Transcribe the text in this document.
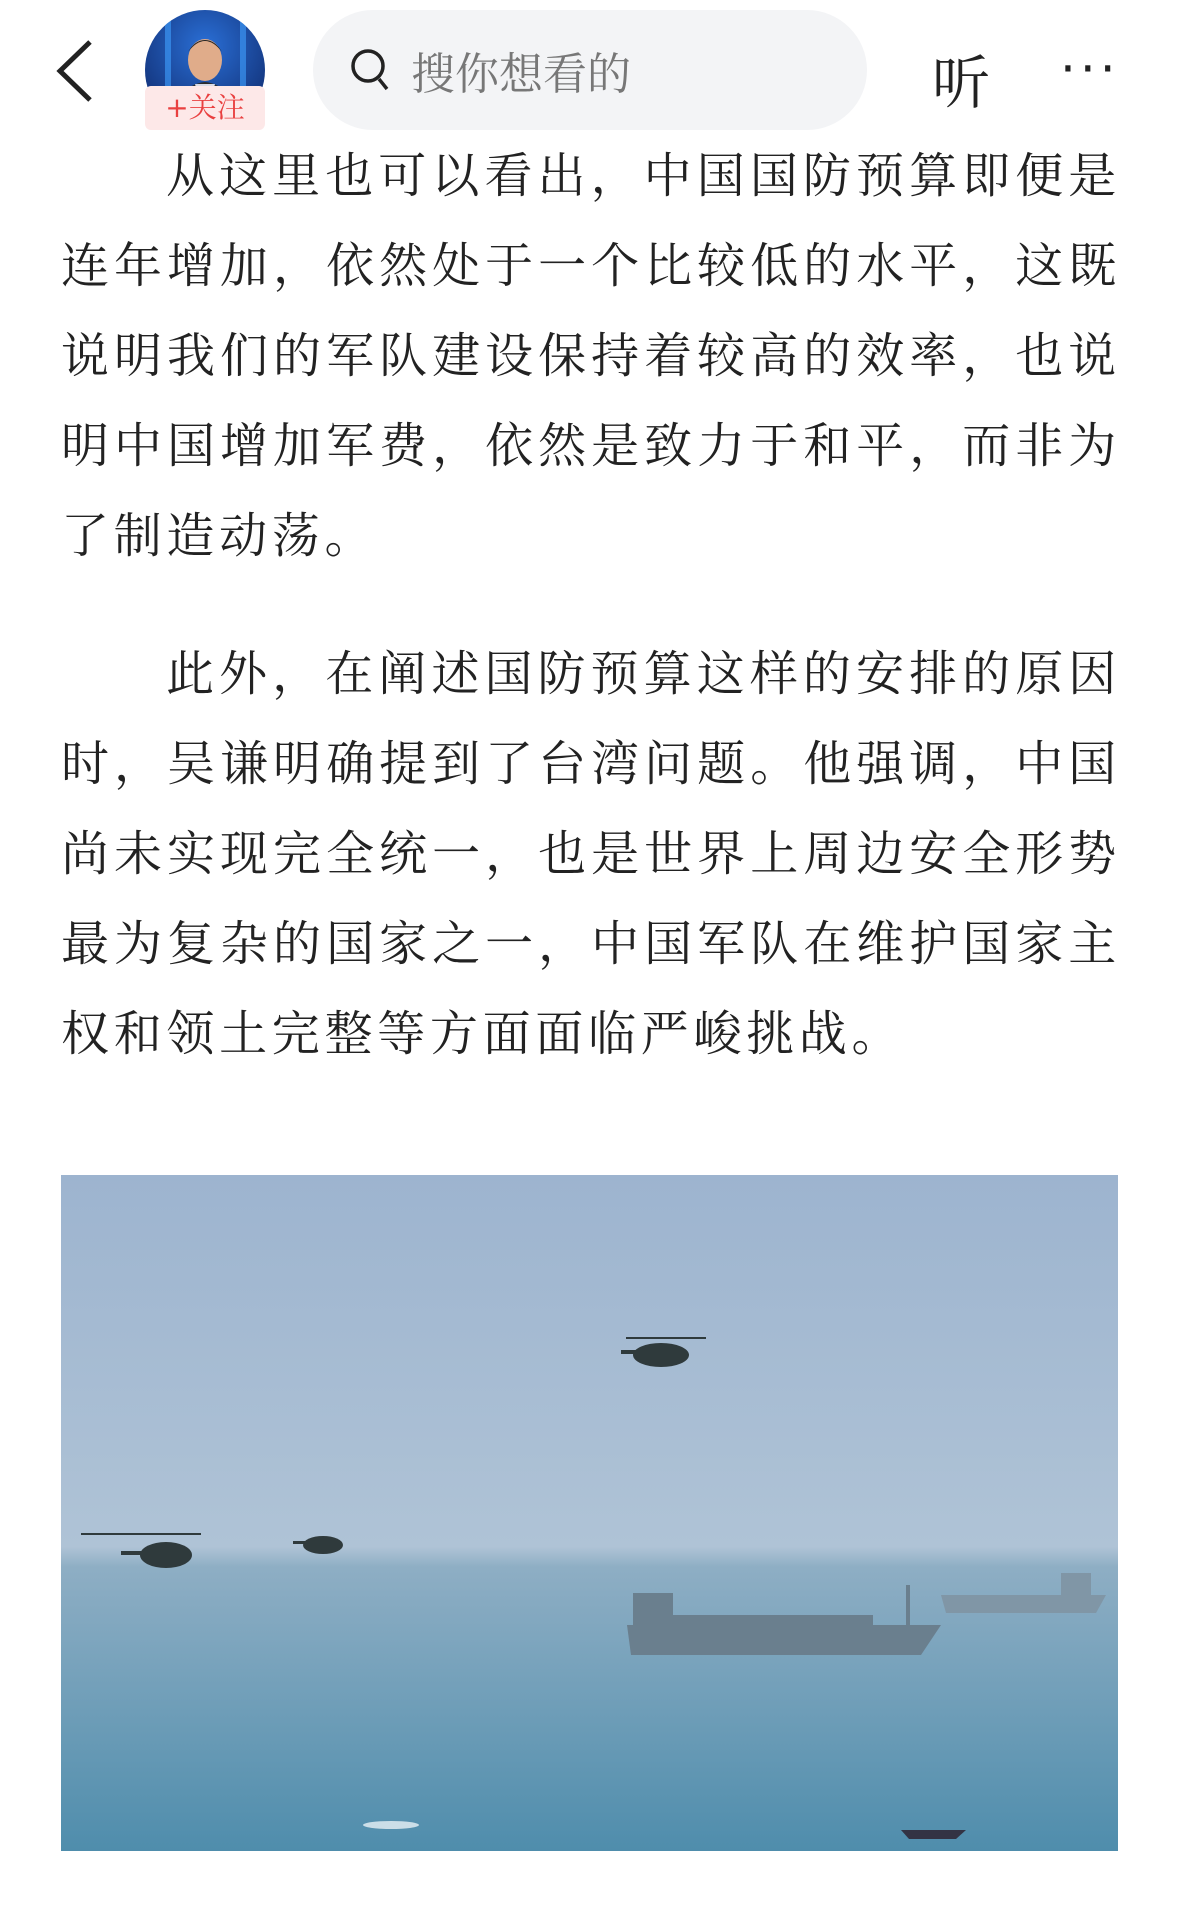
+关注
搜你想看的	听 ···

从这里也可以看出，中国国防预算即便是连年增加，依然处于一个比较低的水平，这既说明我们的军队建设保持着较高的效率，也说明中国增加军费，依然是致力于和平，而非为了制造动荡。

此外，在阐述国防预算这样的安排的原因时，吴谦明确提到了台湾问题。他强调，中国尚未实现完全统一，也是世界上周边安全形势最为复杂的国家之一，中国军队在维护国家主权和领土完整等方面面临严峻挑战。
